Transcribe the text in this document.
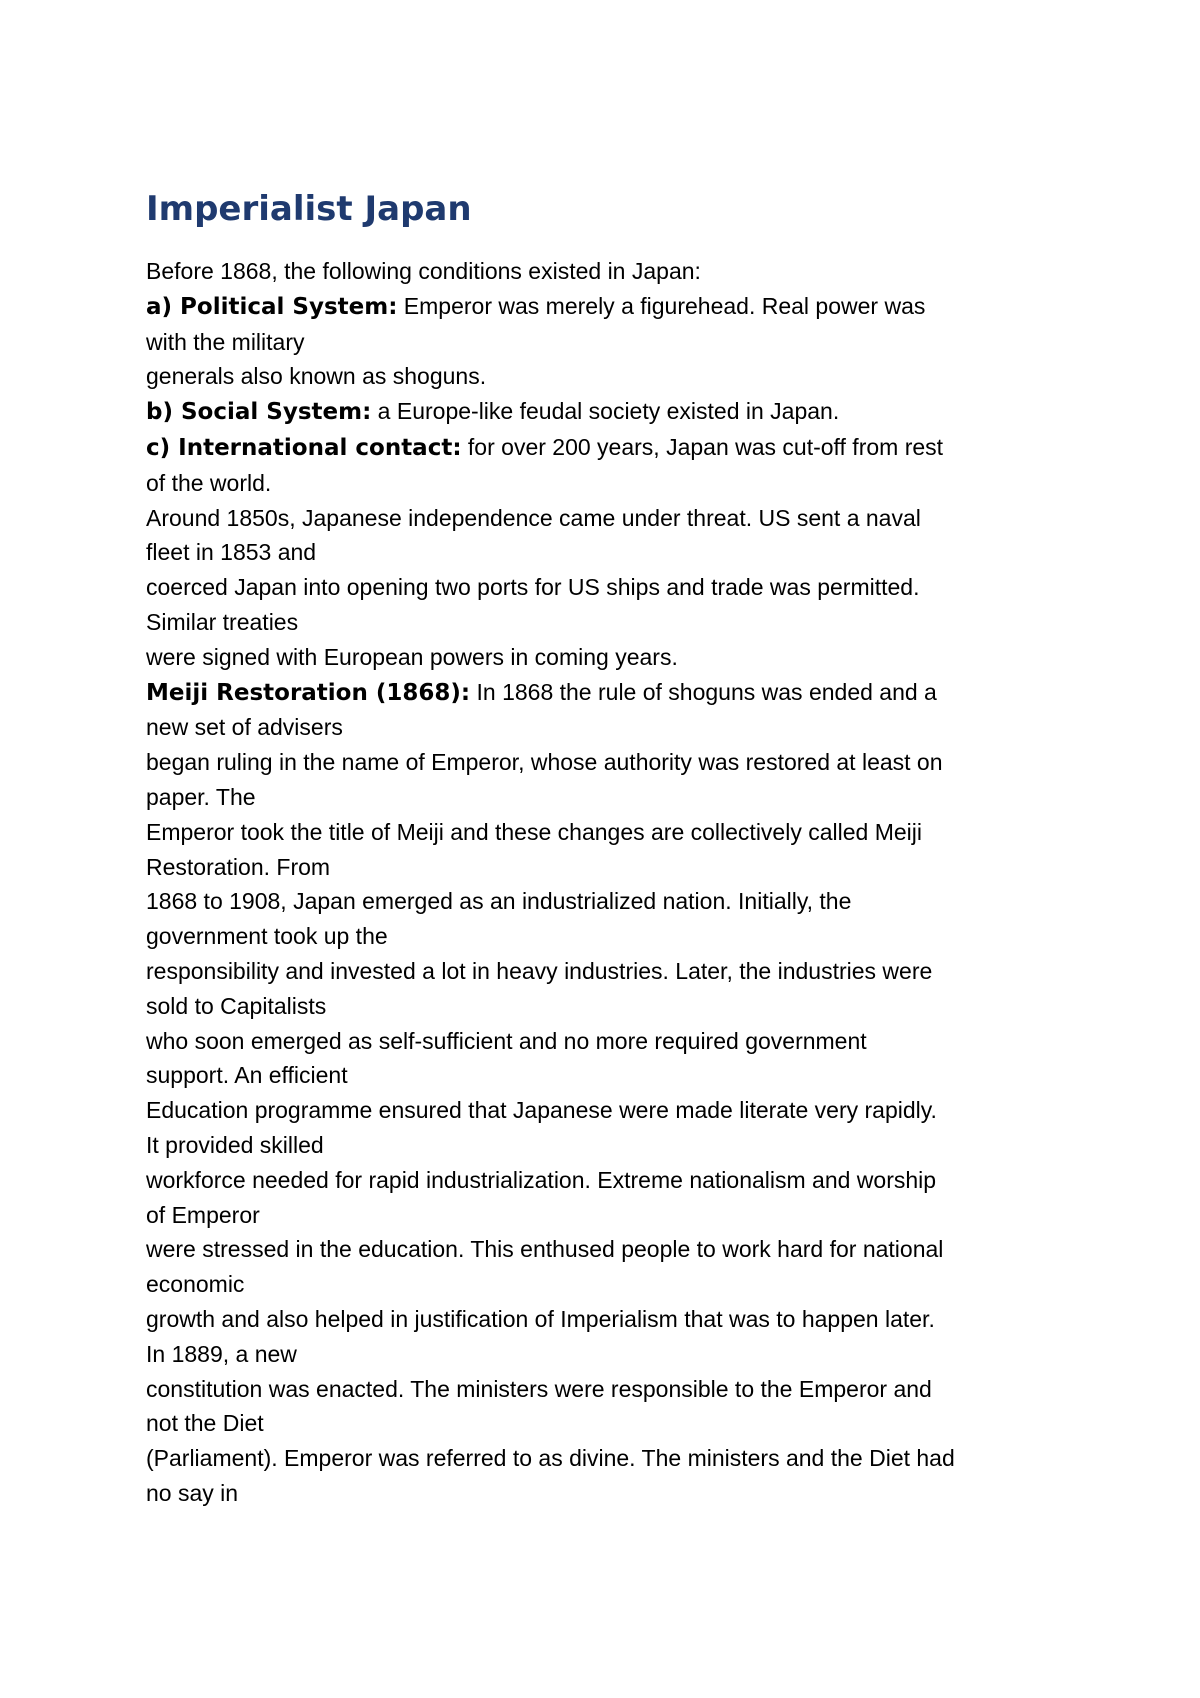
Imperialist Japan
Before 1868, the following conditions existed in Japan:
a) Political System: Emperor was merely a figurehead. Real power was
with the military
generals also known as shoguns.
b) Social System: a Europe-like feudal society existed in Japan.
c) International contact: for over 200 years, Japan was cut-off from rest
of the world.
Around 1850s, Japanese independence came under threat. US sent a naval
fleet in 1853 and
coerced Japan into opening two ports for US ships and trade was permitted.
Similar treaties
were signed with European powers in coming years.
Meiji Restoration (1868): In 1868 the rule of shoguns was ended and a
new set of advisers
began ruling in the name of Emperor, whose authority was restored at least on
paper. The
Emperor took the title of Meiji and these changes are collectively called Meiji
Restoration. From
1868 to 1908, Japan emerged as an industrialized nation. Initially, the
government took up the
responsibility and invested a lot in heavy industries. Later, the industries were
sold to Capitalists
who soon emerged as self-sufficient and no more required government
support. An efficient
Education programme ensured that Japanese were made literate very rapidly.
It provided skilled
workforce needed for rapid industrialization. Extreme nationalism and worship
of Emperor
were stressed in the education. This enthused people to work hard for national
economic
growth and also helped in justification of Imperialism that was to happen later.
In 1889, a new
constitution was enacted. The ministers were responsible to the Emperor and
not the Diet
(Parliament). Emperor was referred to as divine. The ministers and the Diet had
no say in
